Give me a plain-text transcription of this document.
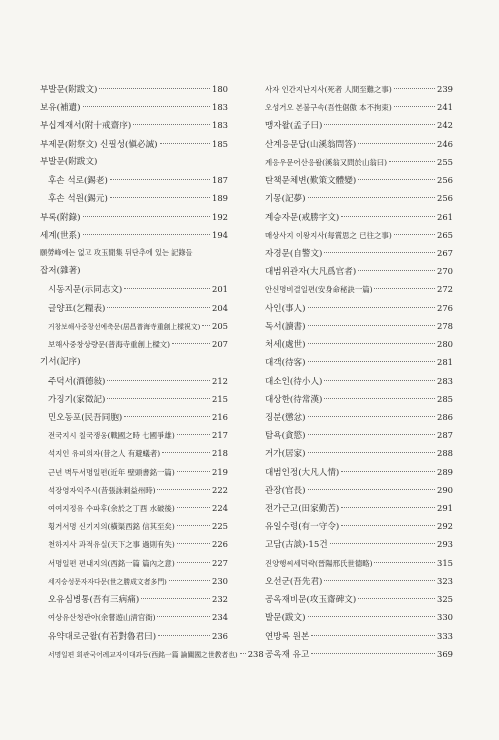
부발문(附跋文)	180
보유(補遺)	183
부십계재서(附十戒齋序)	183
부제문(附祭文) 신필성(愼必誠)	185
부발문(附跋文)
후손 석로(錫老)	187
후손 석원(錫元)	189
부록(附錄)	192
세계(世系)	194
願勞峰에는 없고 攻玉閒集 뒤단추에 있는 記錄들
잡저(雜著)
시동지문(示同志文)	201
글양표(乞糧表)	204
거창보해사중창선예축문(居昌普海寺重創上樑祝文) 205
보해사중창상량문(普海寺重創上樑文)	207
기서(記序)
주덕서(酒德敍)	212
가징기(家徵記)	215
민오동포(民吾同胞)	216
전국지시 칠국쟁웅(戰國之時 七國爭雄)	217
석지인 유피의자(昔之人 有避蟻者)	218
근년 벽두서명일편(近年 壁頭書銘一篇)	219
석장영자익주시(昔張詠刺益州時)	222
여여지정유 수파후(余於之丁酉 水破後)	224
횡거서명 신기지의(橫渠西銘 信其至矣)	225
천하지사 과적유실(天下之事 過則有失)	226
서명일편 편내지의(西銘一篇 篇內之意)	227
세지승성문자자다문(世之勝成文者多門)	230
오유심병통(吾有三病痛)	232
여상유산청관아(余嘗遊山淸官衙)	234
유약대로군왈(有若對魯君曰)	236
서명일편 회관국어례교자이대과등(西銘一篇 論關國之世教者也) 238
사자 인간지난지사(死者 人間至難之事)	239
오성거오 본불구속(吾性倨傲 本不拘束)	241
맹자왈(孟子曰)	242
산계응문답(山溪翁問答)	246
계응우문어산응왈(溪翁又問於山翁曰)	255
탄책문체변(歎策文體變)	256
기몽(記夢)	256
계승자문(戒勝字文)	261
매상사지 이왕지사(每賞思之 已往之事)	265
자경문(自警文)	267
대범위관자(大凡爲官者)	270
안신명비결일편(安身命秘訣一篇)	272
사인(事人)	276
독서(讀書)	278
처세(處世)	280
대객(待客)	281
대소인(待小人)	283
대상한(待常漢)	285
징분(懲忿)	286
탐욕(貪慾)	287
거가(居家)	288
대범인정(大凡人情)	289
관장(官長)	290
전가근고(田家勤苦)	291
유일수령(有一守令)	292
고담(古談)-15건	293
진양행씨세덕략(晉陽邢氏世德略)	315
오선군(吾先君)	323
공옥재비문(攻玉齋碑文)	325
발문(跋文)	330
연방록 원본	333
공옥재 유고	369
